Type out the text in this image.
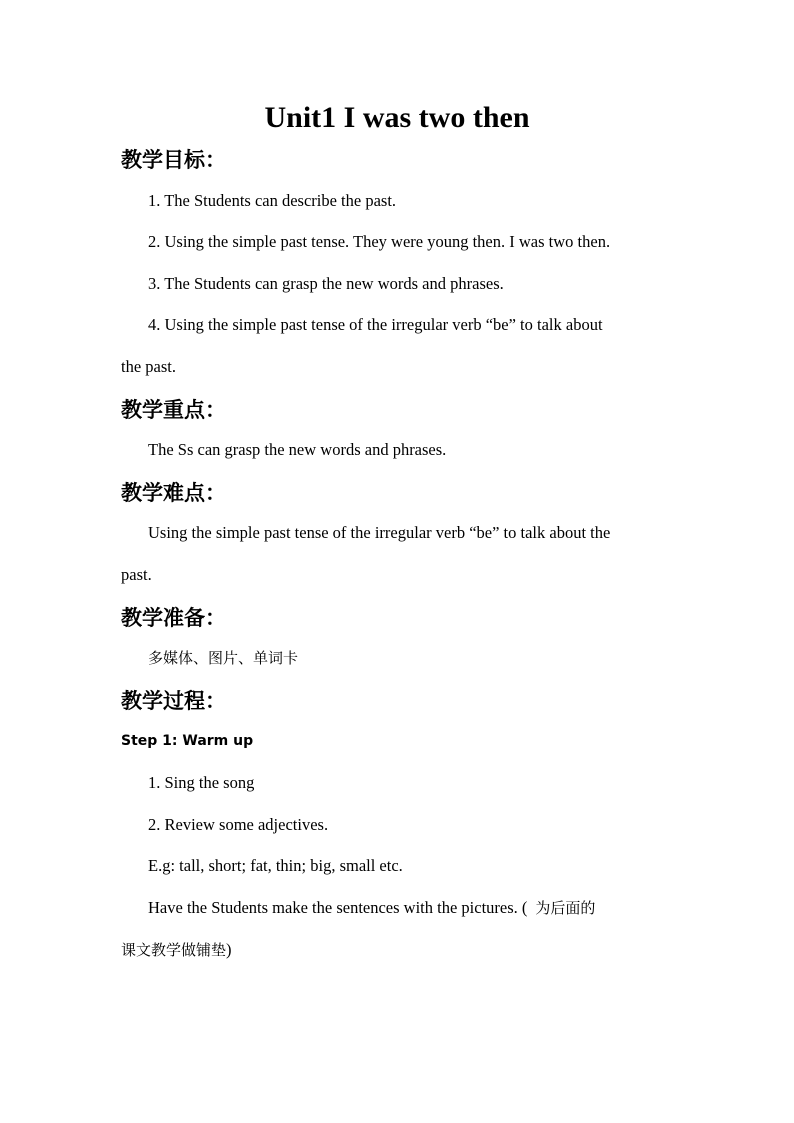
Unit1 I was two then
教学目标：
1. The Students can describe the past.
2. Using the simple past tense. They were young then. I was two then.
3. The Students can grasp the new words and phrases.
4. Using the simple past tense of the irregular verb “be” to talk about
the past.
教学重点：
The Ss can grasp the new words and phrases.
教学难点：
Using the simple past tense of the irregular verb “be” to talk about the
past.
教学准备：
多媒体、图片、单词卡
教学过程：
Step 1: Warm up
1. Sing the song
2. Review some adjectives.
E.g: tall, short; fat, thin; big, small etc.
Have the Students make the sentences with the pictures. ( 为后面的
课文教学做铺垫)
